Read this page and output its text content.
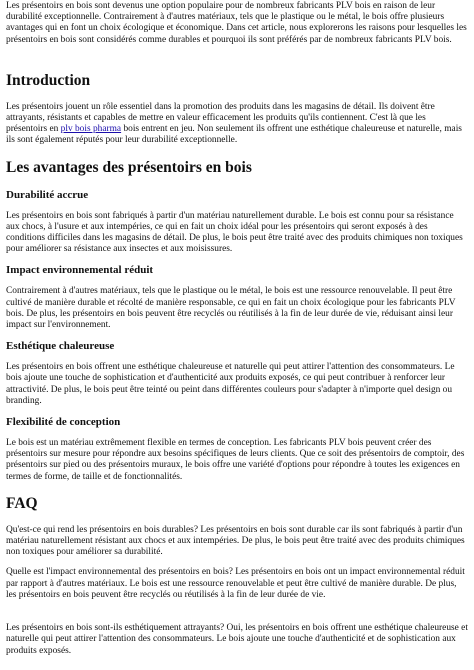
Les présentoirs en bois sont devenus une option populaire pour de nombreux fabricants PLV bois en raison de leur durabilité exceptionnelle. Contrairement à d'autres matériaux, tels que le plastique ou le métal, le bois offre plusieurs avantages qui en font un choix écologique et économique. Dans cet article, nous explorerons les raisons pour lesquelles les présentoirs en bois sont considérés comme durables et pourquoi ils sont préférés par de nombreux fabricants PLV bois.

Introduction

Les présentoirs jouent un rôle essentiel dans la promotion des produits dans les magasins de détail. Ils doivent être attrayants, résistants et capables de mettre en valeur efficacement les produits qu'ils contiennent. C'est là que les présentoirs en plv bois pharma bois entrent en jeu. Non seulement ils offrent une esthétique chaleureuse et naturelle, mais ils sont également réputés pour leur durabilité exceptionnelle.

Les avantages des présentoirs en bois
Durabilité accrue

Les présentoirs en bois sont fabriqués à partir d'un matériau naturellement durable. Le bois est connu pour sa résistance aux chocs, à l'usure et aux intempéries, ce qui en fait un choix idéal pour les présentoirs qui seront exposés à des conditions difficiles dans les magasins de détail. De plus, le bois peut être traité avec des produits chimiques non toxiques pour améliorer sa résistance aux insectes et aux moisissures.

Impact environnemental réduit

Contrairement à d'autres matériaux, tels que le plastique ou le métal, le bois est une ressource renouvelable. Il peut être cultivé de manière durable et récolté de manière responsable, ce qui en fait un choix écologique pour les fabricants PLV bois. De plus, les présentoirs en bois peuvent être recyclés ou réutilisés à la fin de leur durée de vie, réduisant ainsi leur impact sur l'environnement.

Esthétique chaleureuse

Les présentoirs en bois offrent une esthétique chaleureuse et naturelle qui peut attirer l'attention des consommateurs. Le bois ajoute une touche de sophistication et d'authenticité aux produits exposés, ce qui peut contribuer à renforcer leur attractivité. De plus, le bois peut être teinté ou peint dans différentes couleurs pour s'adapter à n'importe quel design ou branding.

Flexibilité de conception

Le bois est un matériau extrêmement flexible en termes de conception. Les fabricants PLV bois peuvent créer des présentoirs sur mesure pour répondre aux besoins spécifiques de leurs clients. Que ce soit des présentoirs de comptoir, des présentoirs sur pied ou des présentoirs muraux, le bois offre une variété d'options pour répondre à toutes les exigences en termes de forme, de taille et de fonctionnalités.

FAQ

Qu'est-ce qui rend les présentoirs en bois durables? Les présentoirs en bois sont durable car ils sont fabriqués à partir d'un matériau naturellement résistant aux chocs et aux intempéries. De plus, le bois peut être traité avec des produits chimiques non toxiques pour améliorer sa durabilité.

Quelle est l'impact environnemental des présentoirs en bois? Les présentoirs en bois ont un impact environnemental réduit par rapport à d'autres matériaux. Le bois est une ressource renouvelable et peut être cultivé de manière durable. De plus, les présentoirs en bois peuvent être recyclés ou réutilisés à la fin de leur durée de vie.

Les présentoirs en bois sont-ils esthétiquement attrayants? Oui, les présentoirs en bois offrent une esthétique chaleureuse et naturelle qui peut attirer l'attention des consommateurs. Le bois ajoute une touche d'authenticité et de sophistication aux produits exposés.
